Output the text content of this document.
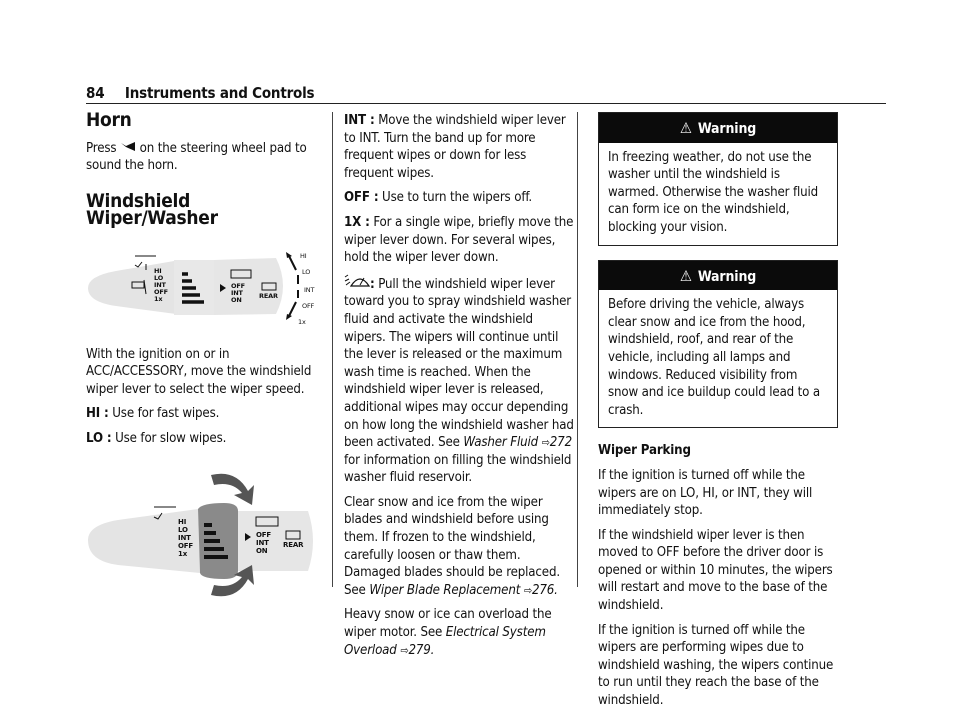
84 Instruments and Controls
Horn

Press on the steering wheel pad to sound the horn.

Windshield Wiper/Washer
HI
LO
INT
OFF
1x
OFF
INT
ON	REAR
HI
LO
INT
OFF
1x

With the ignition on or in ACC/ACCESSORY, move the windshield wiper lever to select the wiper speed.

HI : Use for fast wipes.

LO : Use for slow wipes.

HI
LO
INT
OFF
1x
OFF
INT
ON
REAR

INT : Move the windshield wiper lever to INT. Turn the band up for more frequent wipes or down for less frequent wipes.

OFF : Use to turn the wipers off.

1X : For a single wipe, briefly move the wiper lever down. For several wipes, hold the wiper lever down.

: Pull the windshield wiper lever toward you to spray windshield washer fluid and activate the windshield wipers. The wipers will continue until the lever is released or the maximum wash time is reached. When the windshield wiper lever is released, additional wipes may occur depending on how long the windshield washer had been activated. See Washer Fluid ⇨272 for information on filling the windshield washer fluid reservoir.

Clear snow and ice from the wiper blades and windshield before using them. If frozen to the windshield, carefully loosen or thaw them. Damaged blades should be replaced. See Wiper Blade Replacement ⇨276.

Heavy snow or ice can overload the wiper motor. See Electrical System Overload ⇨279.

⚠ Warning

In freezing weather, do not use the washer until the windshield is warmed. Otherwise the washer fluid can form ice on the windshield, blocking your vision.

⚠ Warning

Before driving the vehicle, always clear snow and ice from the hood, windshield, roof, and rear of the vehicle, including all lamps and windows. Reduced visibility from snow and ice buildup could lead to a crash.

Wiper Parking

If the ignition is turned off while the wipers are on LO, HI, or INT, they will immediately stop.

If the windshield wiper lever is then moved to OFF before the driver door is opened or within 10 minutes, the wipers will restart and move to the base of the windshield.

If the ignition is turned off while the wipers are performing wipes due to windshield washing, the wipers continue to run until they reach the base of the windshield.
